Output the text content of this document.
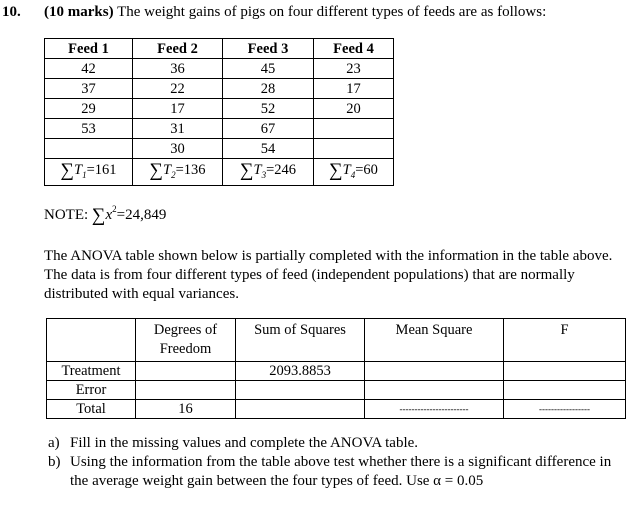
10. (10 marks) The weight gains of pigs on four different types of feeds are as follows:
Feed 1	Feed 2	Feed 3	Feed 4
42	36	45	23
37	22	28	17
29	17	52	20
53	31	67	
	30	54	
$\sum T_1=161$	$\sum T_2=136$	$\sum T_3=246$	$\sum T_4=60$
NOTE: $\sum x^2=24,849$
The ANOVA table shown below is partially completed with the information in the table above. The data is from four different types of feed (independent populations) that are normally distributed with equal variances.
	Degrees of Freedom	Sum of Squares	Mean Square	F
Treatment		2093.8853		
Error				
Total	16		-----------------------	-----------------
a) Fill in the missing values and complete the ANOVA table.
b) Using the information from the table above test whether there is a significant difference in the average weight gain between the four types of feed. Use α = 0.05
